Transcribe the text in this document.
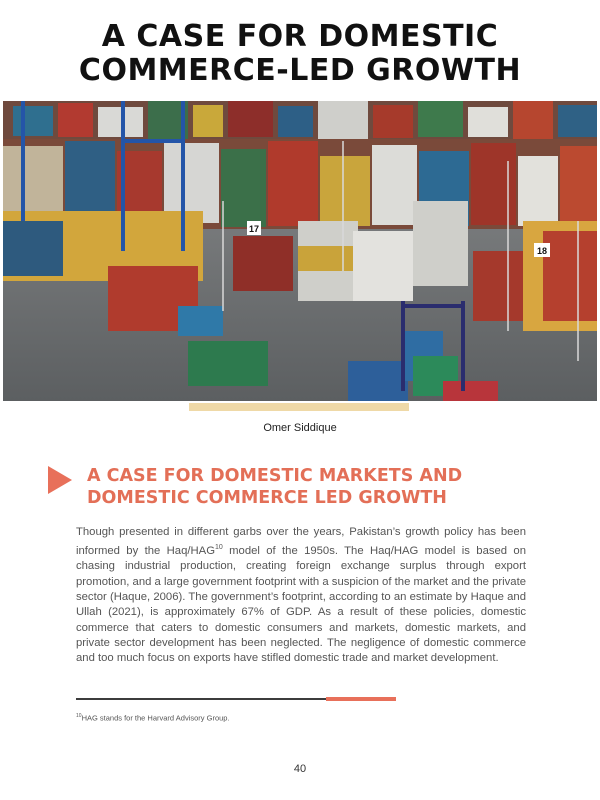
A CASE FOR DOMESTIC
COMMERCE-LED GROWTH
17
18
Omer Siddique
A CASE FOR DOMESTIC MARKETS AND
DOMESTIC COMMERCE LED GROWTH
Though presented in different garbs over the years, Pakistan’s growth policy has been informed by the Haq/HAG$^{10}$ model of the 1950s. The Haq/HAG model is based on chasing industrial production, creating foreign exchange surplus through export promotion, and a large government footprint with a suspicion of the market and the private sector (Haque, 2006). The government’s footprint, according to an estimate by Haque and Ullah (2021), is approximately 67% of GDP. As a result of these policies, domestic commerce that caters to domestic consumers and markets, domestic markets, and private sector development has been neglected. The negligence of domestic commerce and too much focus on exports have stifled domestic trade and market development.
$^{10}$HAG stands for the Harvard Advisory Group.
40
